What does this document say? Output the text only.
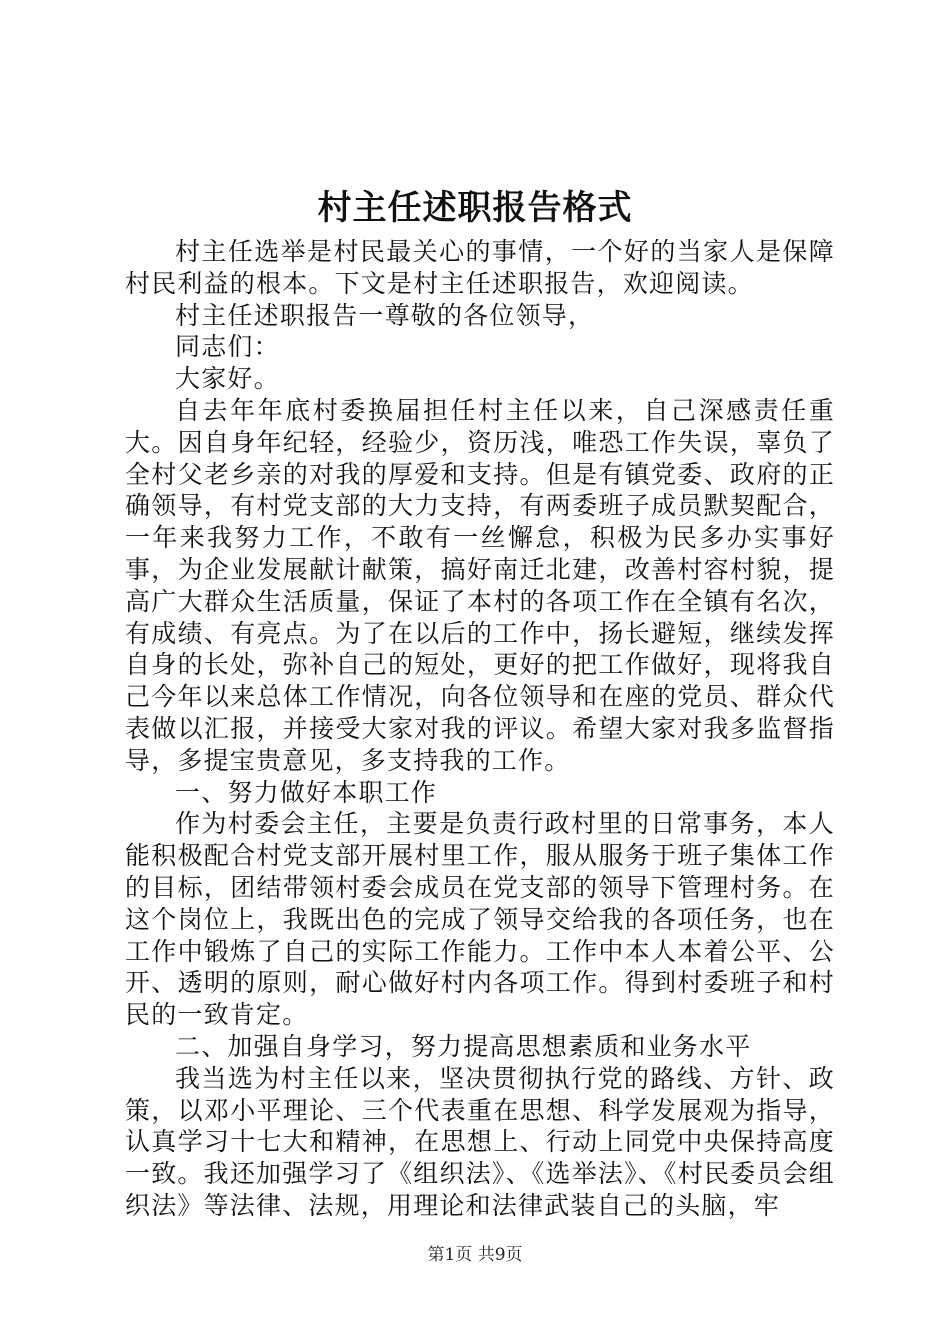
村主任述职报告格式

村主任选举是村民最关心的事情，一个好的当家人是保障村民利益的根本。下文是村主任述职报告，欢迎阅读。

村主任述职报告一尊敬的各位领导，

同志们：

大家好。

自去年年底村委换届担任村主任以来，自己深感责任重大。因自身年纪轻，经验少，资历浅，唯恐工作失误，辜负了全村父老乡亲的对我的厚爱和支持。但是有镇党委、政府的正确领导，有村党支部的大力支持，有两委班子成员默契配合，一年来我努力工作，不敢有一丝懈怠，积极为民多办实事好事，为企业发展献计献策，搞好南迁北建，改善村容村貌，提高广大群众生活质量，保证了本村的各项工作在全镇有名次，有成绩、有亮点。为了在以后的工作中，扬长避短，继续发挥自身的长处，弥补自己的短处，更好的把工作做好，现将我自己今年以来总体工作情况，向各位领导和在座的党员、群众代表做以汇报，并接受大家对我的评议。希望大家对我多监督指导，多提宝贵意见，多支持我的工作。

一、努力做好本职工作

作为村委会主任，主要是负责行政村里的日常事务，本人能积极配合村党支部开展村里工作，服从服务于班子集体工作的目标，团结带领村委会成员在党支部的领导下管理村务。在这个岗位上，我既出色的完成了领导交给我的各项任务，也在工作中锻炼了自己的实际工作能力。工作中本人本着公平、公开、透明的原则，耐心做好村内各项工作。得到村委班子和村民的一致肯定。

二、加强自身学习，努力提高思想素质和业务水平

我当选为村主任以来，坚决贯彻执行党的路线、方针、政策，以邓小平理论、三个代表重在思想、科学发展观为指导，认真学习十七大和精神，在思想上、行动上同党中央保持高度一致。我还加强学习了《组织法》、《选举法》、《村民委员会组织法》等法律、法规，用理论和法律武装自己的头脑，牢

第1页 共9页
